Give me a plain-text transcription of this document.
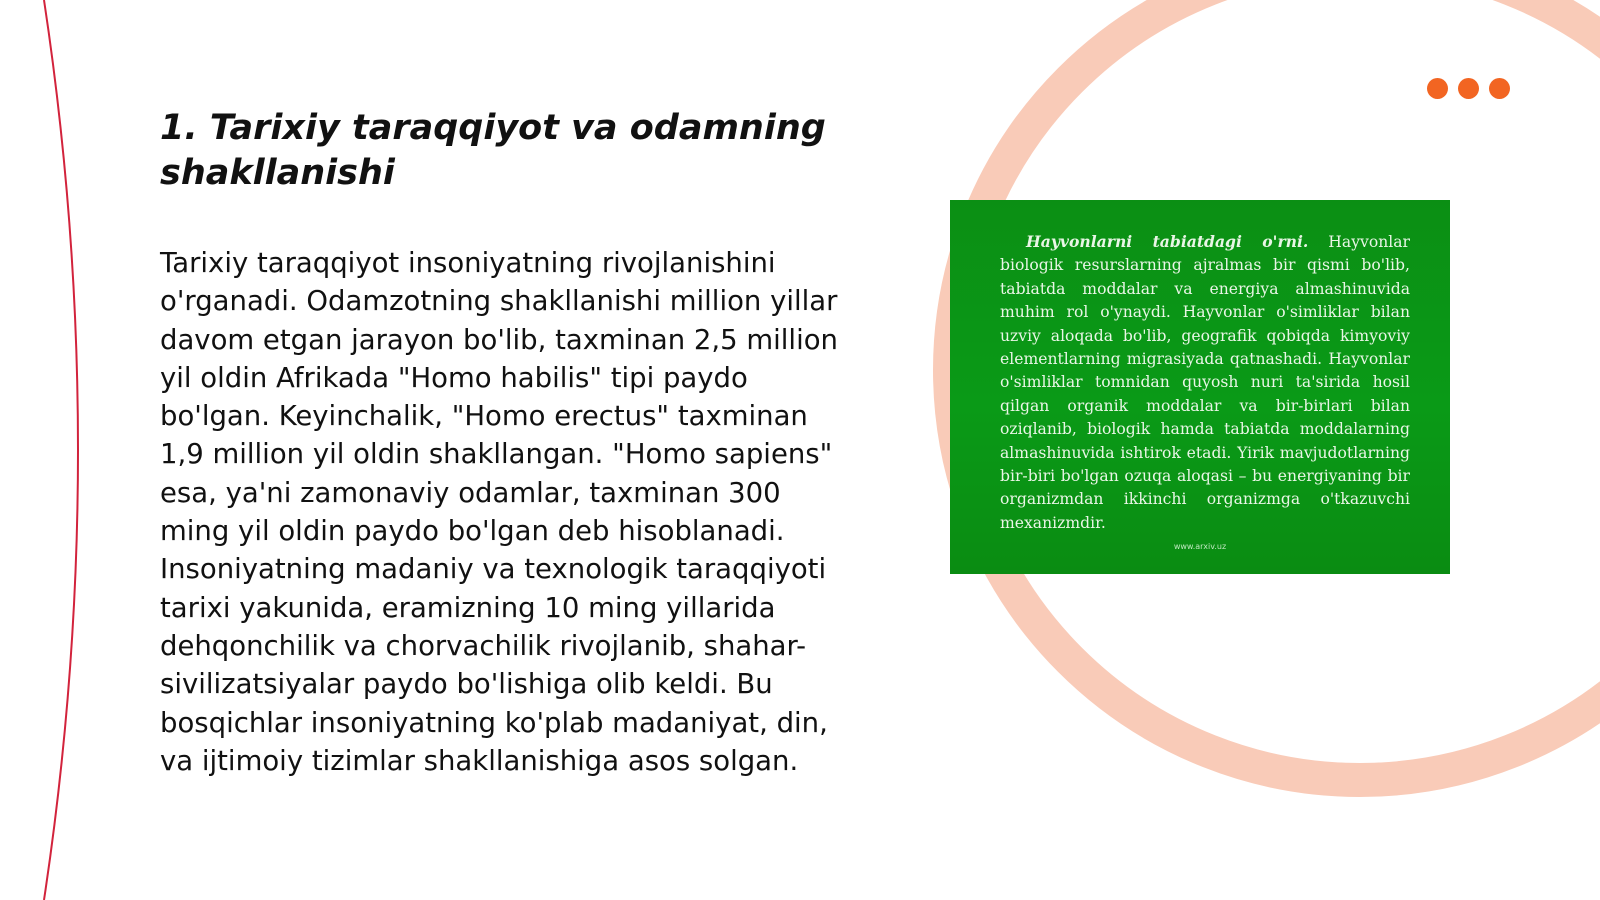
1. Tarixiy taraqqiyot va odamning shakllanishi

Tarixiy taraqqiyot insoniyatning rivojlanishini o'rganadi. Odamzotning shakllanishi million yillar davom etgan jarayon bo'lib, taxminan 2,5 million yil oldin Afrikada "Homo habilis" tipi paydo bo'lgan. Keyinchalik, "Homo erectus" taxminan 1,9 million yil oldin shakllangan. "Homo sapiens" esa, ya'ni zamonaviy odamlar, taxminan 300 ming yil oldin paydo bo'lgan deb hisoblanadi. Insoniyatning madaniy va texnologik taraqqiyoti tarixi yakunida, eramizning 10 ming yillarida dehqonchilik va chorvachilik rivojlanib, shahar-sivilizatsiyalar paydo bo'lishiga olib keldi. Bu bosqichlar insoniyatning ko'plab madaniyat, din, va ijtimoiy tizimlar shakllanishiga asos solgan.

Hayvonlarni tabiatdagi o'rni. Hayvonlar biologik resurslarning ajralmas bir qismi bo'lib, tabiatda moddalar va energiya almashinuvida muhim rol o'ynaydi. Hayvonlar o'simliklar bilan uzviy aloqada bo'lib, geografik qobiqda kimyoviy elementlarning migrasiyada qatnashadi. Hayvonlar o'simliklar tomnidan quyosh nuri ta'sirida hosil qilgan organik moddalar va bir-birlari bilan oziqlanib, biologik hamda tabiatda moddalarning almashinuvida ishtirok etadi. Yirik mavjudotlarning bir-biri bo'lgan ozuqa aloqasi – bu energiyaning bir organizmdan ikkinchi organizmga o'tkazuvchi mexanizmdir.

www.arxiv.uz
